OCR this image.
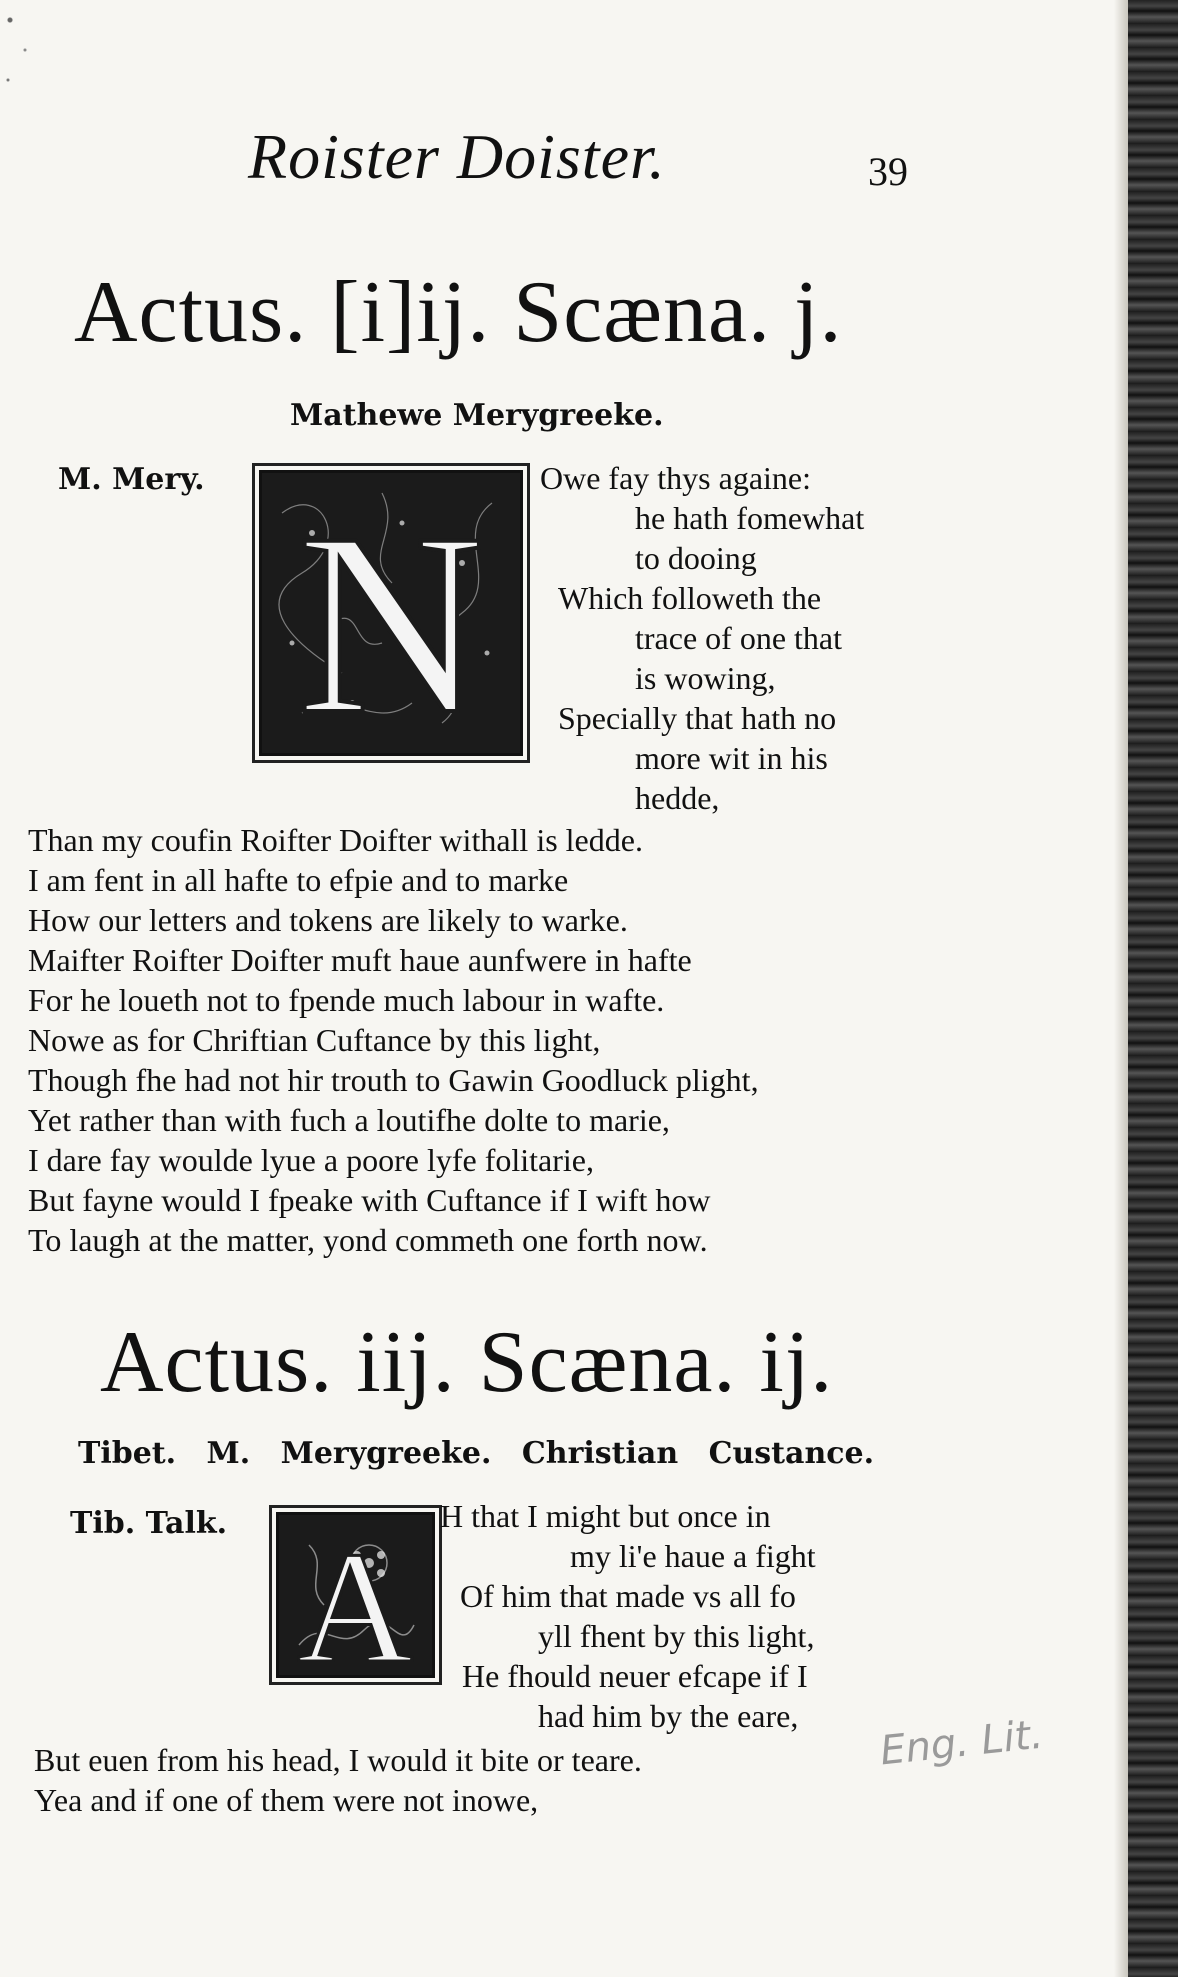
Roister Doister.	39
Actus. [i]ij. Scæna. j.
Mathewe Merygreeke.
M. Mery.
N
Owe fay thys againe:
he hath fomewhat
to dooing
Which followeth the
trace of one that
is wowing,
Specially that hath no
more wit in his
hedde,
Than my coufin Roifter Doifter withall is ledde.
I am fent in all hafte to efpie and to marke
How our letters and tokens are likely to warke.
Maifter Roifter Doifter muft haue aunfwere in hafte
For he loueth not to fpende much labour in wafte.
Nowe as for Chriftian Cuftance by this light,
Though fhe had not hir trouth to Gawin Goodluck plight,
Yet rather than with fuch a loutifhe dolte to marie,
I dare fay woulde lyue a poore lyfe folitarie,
But fayne would I fpeake with Cuftance if I wift how
To laugh at the matter, yond commeth one forth now.
Actus. iij. Scæna. ij.
Tibet. M. Merygreeke. Christian Custance.
Tib. Talk. A
H that I might but once in
my li'e haue a fight
Of him that made vs all fo
yll fhent by this light,
He fhould neuer efcape if I
had him by the eare,
But euen from his head, I would it bite or teare.
Yea and if one of them were not inowe,
Eng. Lit.
